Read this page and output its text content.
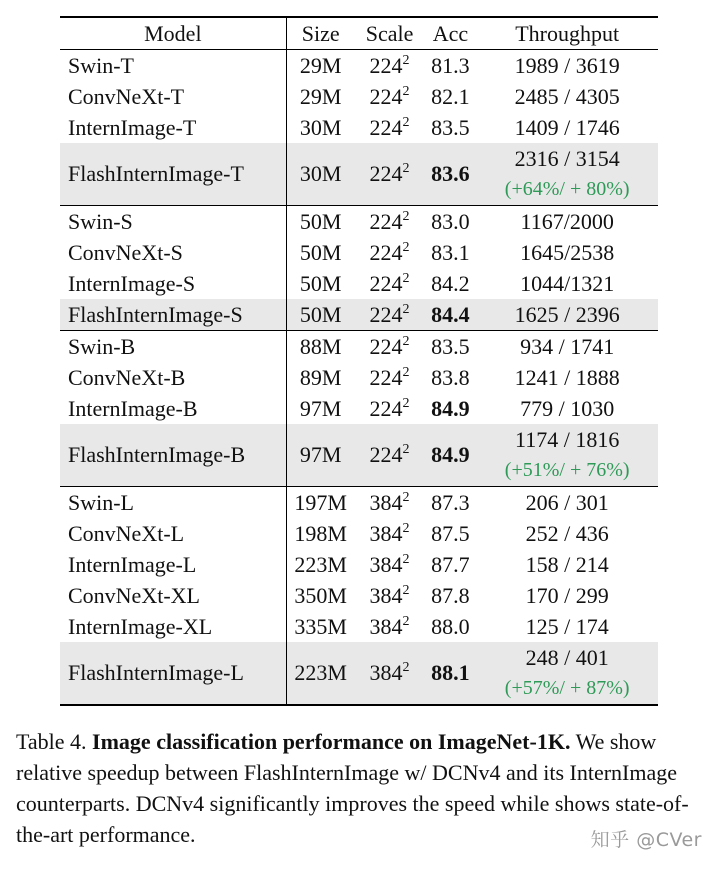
Model	Size	Scale	Acc	Throughput
Swin-T	29M	$224^2$	81.3	1989 / 3619
ConvNeXt-T	29M	$224^2$	82.1	2485 / 4305
InternImage-T	30M	$224^2$	83.5	1409 / 1746
FlashInternImage-T	30M	$224^2$	83.6	2316 / 3154
(+64%/ + 80%)

Swin-S	50M	$224^2$	83.0	1167/2000
ConvNeXt-S	50M	$224^2$	83.1	1645/2538
InternImage-S	50M	$224^2$	84.2	1044/1321
FlashInternImage-S	50M	$224^2$	84.4	1625 / 2396
Swin-B	88M	$224^2$	83.5	934 / 1741
ConvNeXt-B	89M	$224^2$	83.8	1241 / 1888
InternImage-B	97M	$224^2$	84.9	779 / 1030
FlashInternImage-B	97M	$224^2$	84.9	1174 / 1816
(+51%/ + 76%)

Swin-L	197M	$384^2$	87.3	206 / 301
ConvNeXt-L	198M	$384^2$	87.5	252 / 436
InternImage-L	223M	$384^2$	87.7	158 / 214
ConvNeXt-XL	350M	$384^2$	87.8	170 / 299
InternImage-XL	335M	$384^2$	88.0	125 / 174
FlashInternImage-L	223M	$384^2$	88.1	248 / 401
(+57%/ + 87%)
Table 4. Image classification performance on ImageNet-1K. We show relative speedup between FlashInternImage w/ DCNv4 and its InternImage counterparts. DCNv4 significantly improves the speed while shows state-of-the-art performance.	知乎 @CVer
